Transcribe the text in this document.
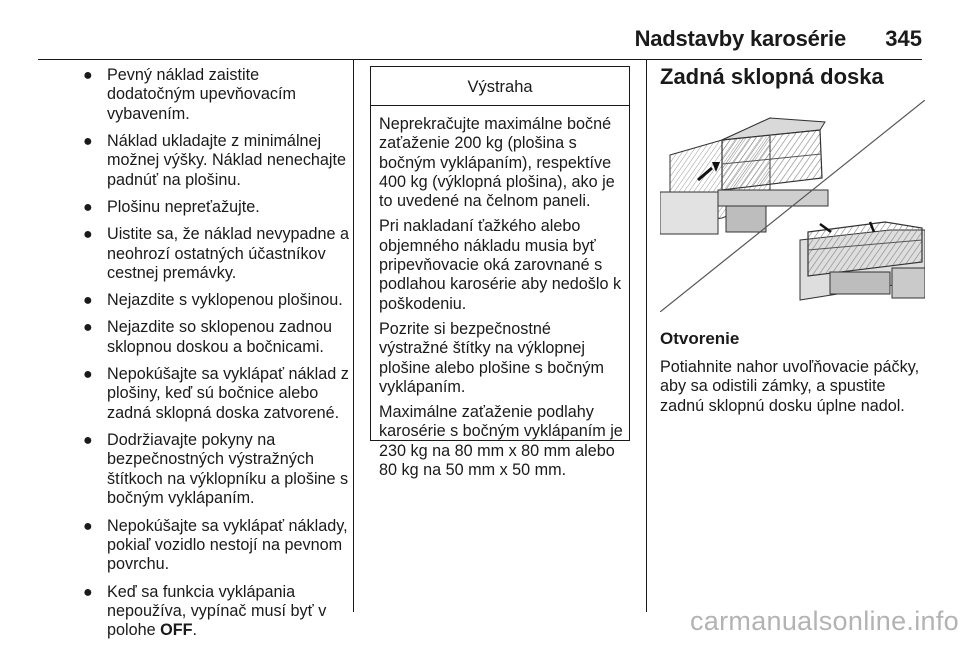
Nadstavby karosérie 345
● Pevný náklad zaistite dodatočným upevňovacím vybavením.
● Náklad ukladajte z minimálnej možnej výšky. Náklad nenechajte padnúť na plošinu.
● Plošinu nepreťažujte.
● Uistite sa, že náklad nevypadne a neohrozí ostatných účastníkov cestnej premávky.
● Nejazdite s vyklopenou plošinou.
● Nejazdite so sklopenou zadnou sklopnou doskou a bočnicami.
● Nepokúšajte sa vyklápať náklad z plošiny, keď sú bočnice alebo zadná sklopná doska zatvorené.
● Dodržiavajte pokyny na bezpečnostných výstražných štítkoch na výklopníku a plošine s bočným vyklápaním.
● Nepokúšajte sa vyklápať náklady, pokiaľ vozidlo nestojí na pevnom povrchu.
● Keď sa funkcia vyklápania nepoužíva, vypínač musí byť v polohe OFF.
Výstraha

Neprekračujte maximálne bočné zaťaženie 200 kg (plošina s bočným vyklápaním), respektíve 400 kg (výklopná plošina), ako je to uvedené na čelnom paneli.

Pri nakladaní ťažkého alebo objemného nákladu musia byť pripevňovacie oká zarovnané s podlahou karosérie aby nedošlo k poškodeniu.

Pozrite si bezpečnostné výstražné štítky na výklopnej plošine alebo plošine s bočným vyklápaním.

Maximálne zaťaženie podlahy karosérie s bočným vyklápaním je 230 kg na 80 mm x 80 mm alebo 80 kg na 50 mm x 50 mm.

Zadná sklopná doska
Otvorenie

Potiahnite nahor uvoľňovacie páčky, aby sa odistili zámky, a spustite zadnú sklopnú dosku úplne nadol.

carmanualsonline.info
